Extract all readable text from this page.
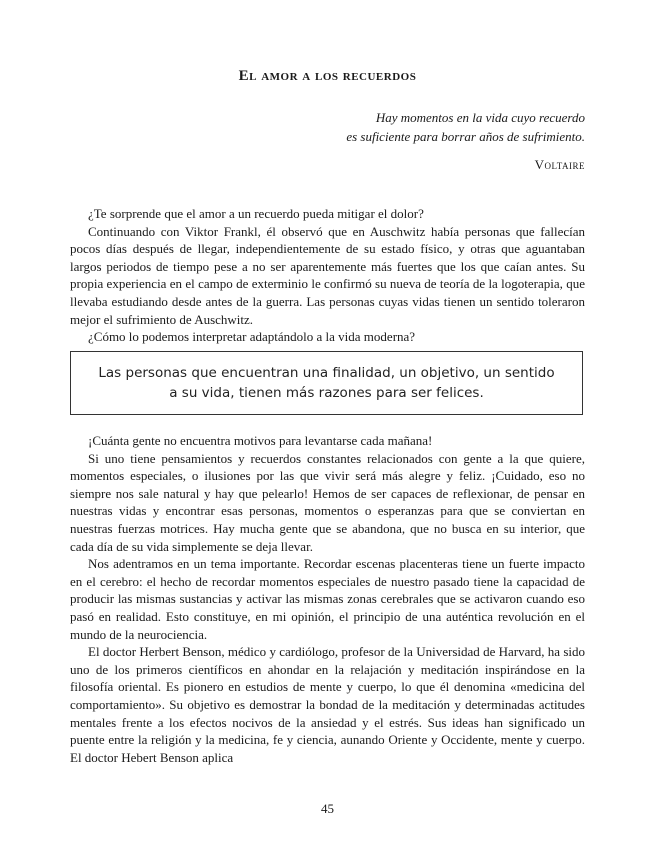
El amor a los recuerdos
Hay momentos en la vida cuyo recuerdo
es suficiente para borrar años de sufrimiento.
Voltaire

¿Te sorprende que el amor a un recuerdo pueda mitigar el dolor?

Continuando con Viktor Frankl, él observó que en Auschwitz había personas que fallecían pocos días después de llegar, independientemente de su estado físico, y otras que aguantaban largos periodos de tiempo pese a no ser aparentemente más fuertes que los que caían antes. Su propia experiencia en el campo de exterminio le confirmó su nueva de teoría de la logoterapia, que llevaba estudiando desde antes de la guerra. Las personas cuyas vidas tienen un sentido toleraron mejor el sufrimiento de Auschwitz.

¿Cómo lo podemos interpretar adaptándolo a la vida moderna?

Las personas que encuentran una finalidad, un objetivo, un sentido a su vida, tienen más razones para ser felices.

¡Cuánta gente no encuentra motivos para levantarse cada mañana!

Si uno tiene pensamientos y recuerdos constantes relacionados con gente a la que quiere, momentos especiales, o ilusiones por las que vivir será más alegre y feliz. ¡Cuidado, eso no siempre nos sale natural y hay que pelearlo! Hemos de ser capaces de reflexionar, de pensar en nuestras vidas y encontrar esas personas, momentos o esperanzas para que se conviertan en nuestras fuerzas motrices. Hay mucha gente que se abandona, que no busca en su interior, que cada día de su vida simplemente se deja llevar.

Nos adentramos en un tema importante. Recordar escenas placenteras tiene un fuerte impacto en el cerebro: el hecho de recordar momentos especiales de nuestro pasado tiene la capacidad de producir las mismas sustancias y activar las mismas zonas cerebrales que se activaron cuando eso pasó en realidad. Esto constituye, en mi opinión, el principio de una auténtica revolución en el mundo de la neurociencia.

El doctor Herbert Benson, médico y cardiólogo, profesor de la Universidad de Harvard, ha sido uno de los primeros científicos en ahondar en la relajación y meditación inspirándose en la filosofía oriental. Es pionero en estudios de mente y cuerpo, lo que él denomina «medicina del comportamiento». Su objetivo es demostrar la bondad de la meditación y determinadas actitudes mentales frente a los efectos nocivos de la ansiedad y el estrés. Sus ideas han significado un puente entre la religión y la medicina, fe y ciencia, aunando Oriente y Occidente, mente y cuerpo. El doctor Hebert Benson aplica

45
